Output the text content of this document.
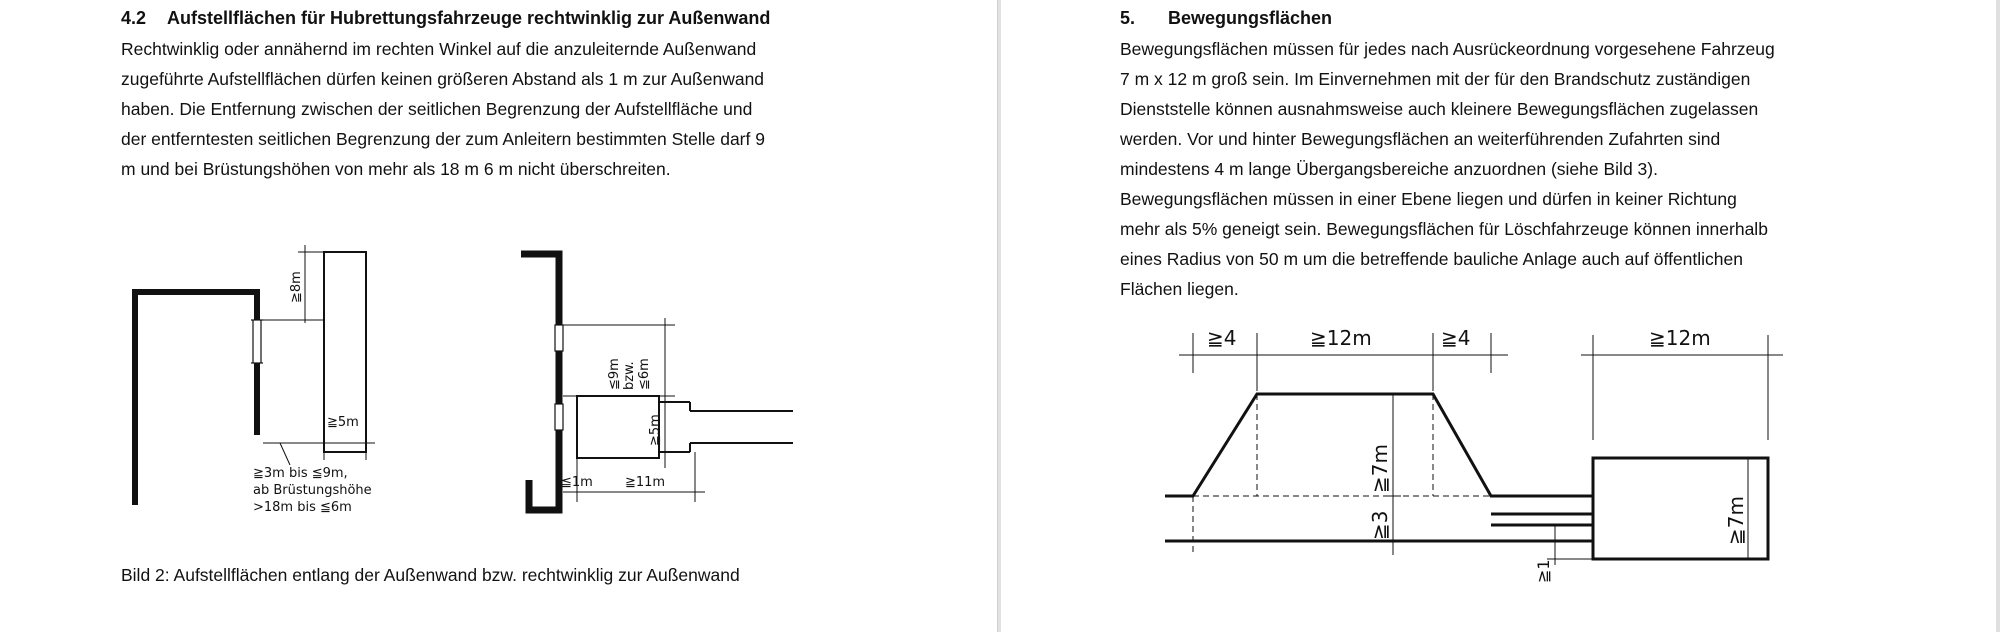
4.2 Aufstellflächen für Hubrettungsfahrzeuge rechtwinklig zur Außenwand
Rechtwinklig oder annähernd im rechten Winkel auf die anzuleiternde Außenwand
zugeführte Aufstellflächen dürfen keinen größeren Abstand als 1 m zur Außenwand
haben. Die Entfernung zwischen der seitlichen Begrenzung der Aufstellfläche und
der entferntesten seitlichen Begrenzung der zum Anleitern bestimmten Stelle darf 9
m und bei Brüstungshöhen von mehr als 18 m 6 m nicht überschreiten.
≧8m
≧5m
≧3m bis ≦9m,
ab Brüstungshöhe
>18m bis ≦6m
≦9m bzw. ≦6m
≧5m
≦1m ≧11m
Bild 2: Aufstellflächen entlang der Außenwand bzw. rechtwinklig zur Außenwand
5. Bewegungsflächen
Bewegungsflächen müssen für jedes nach Ausrückeordnung vorgesehene Fahrzeug
7 m x 12 m groß sein. Im Einvernehmen mit der für den Brandschutz zuständigen
Dienststelle können ausnahmsweise auch kleinere Bewegungsflächen zugelassen
werden. Vor und hinter Bewegungsflächen an weiterführenden Zufahrten sind
mindestens 4 m lange Übergangsbereiche anzuordnen (siehe Bild 3).
Bewegungsflächen müssen in einer Ebene liegen und dürfen in keiner Richtung
mehr als 5% geneigt sein. Bewegungsflächen für Löschfahrzeuge können innerhalb
eines Radius von 50 m um die betreffende bauliche Anlage auch auf öffentlichen
Flächen liegen.
≧4	≧12m	≧4	≧12m
≧7m
≧3	≧7m
≧1
